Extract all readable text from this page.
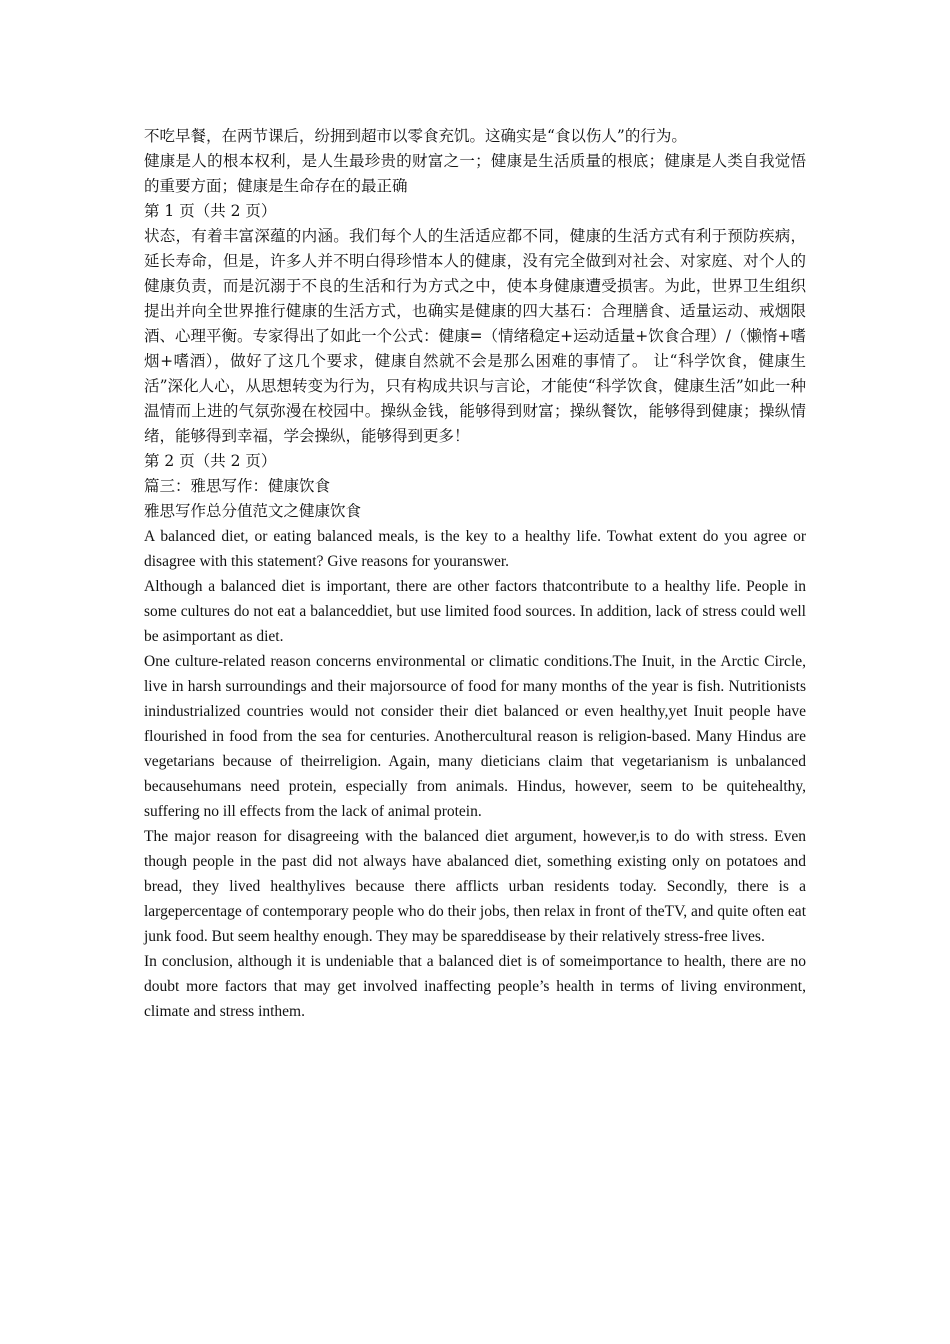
不吃早餐，在两节课后，纷拥到超市以零食充饥。这确实是“食以伤人”的行为。

健康是人的根本权利，是人生最珍贵的财富之一；健康是生活质量的根底；健康是人类自我觉悟的重要方面；健康是生命存在的最正确

第 1 页（共 2 页）

状态，有着丰富深蕴的内涵。我们每个人的生活适应都不同，健康的生活方式有利于预防疾病，延长寿命，但是，许多人并不明白得珍惜本人的健康，没有完全做到对社会、对家庭、对个人的健康负责，而是沉溺于不良的生活和行为方式之中，使本身健康遭受损害。为此，世界卫生组织提出并向全世界推行健康的生活方式，也确实是健康的四大基石：合理膳食、适量运动、戒烟限酒、心理平衡。专家得出了如此一个公式：健康=（情绪稳定+运动适量+饮食合理）/（懒惰+嗜烟+嗜酒），做好了这几个要求，健康自然就不会是那么困难的事情了。 让“科学饮食，健康生活”深化人心，从思想转变为行为，只有构成共识与言论，才能使“科学饮食，健康生活”如此一种温情而上进的气氛弥漫在校园中。操纵金钱，能够得到财富；操纵餐饮，能够得到健康；操纵情绪，能够得到幸福，学会操纵，能够得到更多！

第 2 页（共 2 页）

篇三：雅思写作：健康饮食

雅思写作总分值范文之健康饮食

A balanced diet, or eating balanced meals, is the key to a healthy life. Towhat extent do you agree or disagree with this statement? Give reasons for youranswer.

Although a balanced diet is important, there are other factors thatcontribute to a healthy life. People in some cultures do not eat a balanceddiet, but use limited food sources. In addition, lack of stress could well be asimportant as diet.

One culture-related reason concerns environmental or climatic conditions.The Inuit, in the Arctic Circle, live in harsh surroundings and their majorsource of food for many months of the year is fish. Nutritionists inindustrialized countries would not consider their diet balanced or even healthy,yet Inuit people have flourished in food from the sea for centuries. Anothercultural reason is religion-based. Many Hindus are vegetarians because of theirreligion. Again, many dieticians claim that vegetarianism is unbalanced becausehumans need protein, especially from animals. Hindus, however, seem to be quitehealthy, suffering no ill effects from the lack of animal protein.

The major reason for disagreeing with the balanced diet argument, however,is to do with stress. Even though people in the past did not always have abalanced diet, something existing only on potatoes and bread, they lived healthylives because there afflicts urban residents today. Secondly, there is a largepercentage of contemporary people who do their jobs, then relax in front of theTV, and quite often eat junk food. But seem healthy enough. They may be spareddisease by their relatively stress-free lives.

In conclusion, although it is undeniable that a balanced diet is of someimportance to health, there are no doubt more factors that may get involved inaffecting people’s health in terms of living environment, climate and stress inthem.
